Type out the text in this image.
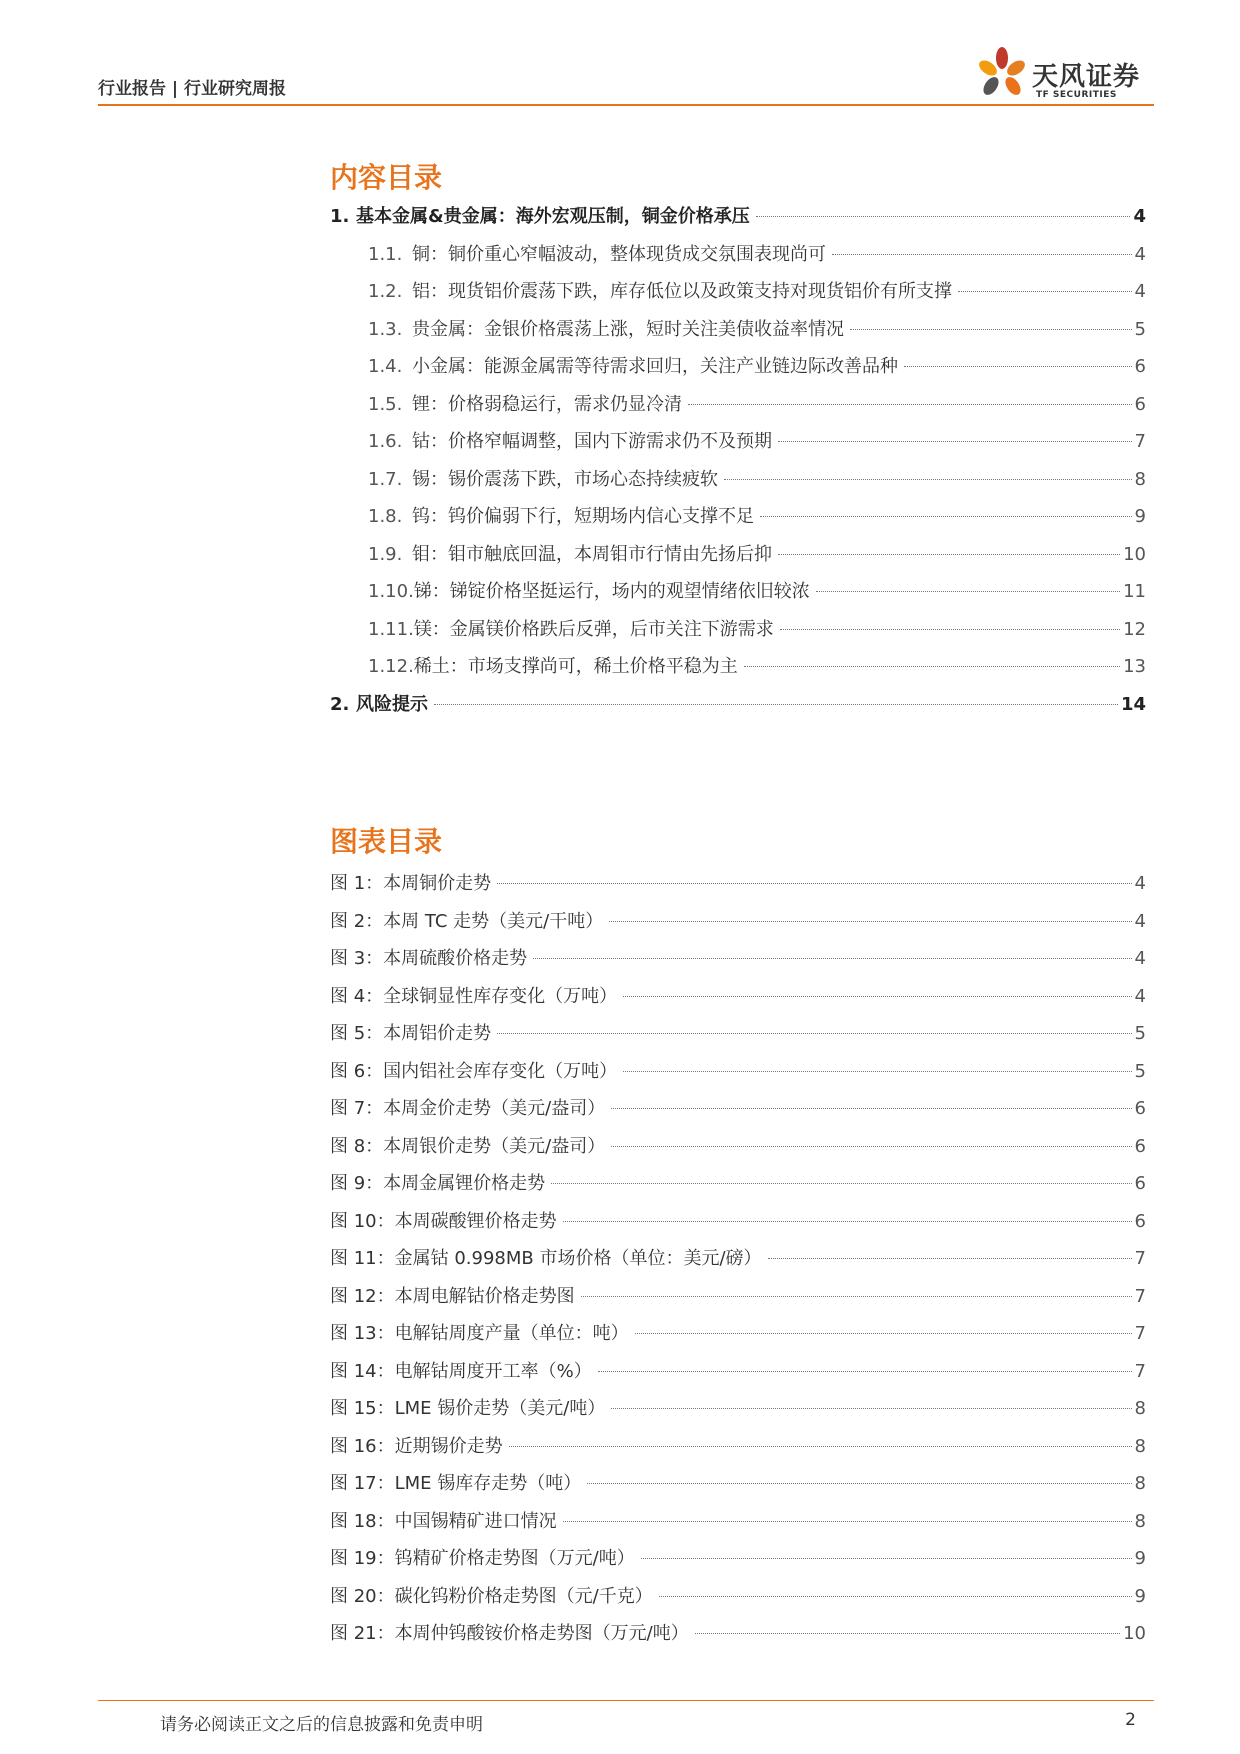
行业报告 | 行业研究周报	天风证券
TF SECURITIES
内容目录
1. 基本金属&贵金属：海外宏观压制，铜金价格承压	4
1.1. 铜：铜价重心窄幅波动，整体现货成交氛围表现尚可	4
1.2. 铝：现货铝价震荡下跌，库存低位以及政策支持对现货铝价有所支撑	4
1.3. 贵金属：金银价格震荡上涨，短时关注美债收益率情况	5
1.4. 小金属：能源金属需等待需求回归，关注产业链边际改善品种	6
1.5. 锂：价格弱稳运行，需求仍显冷清	6
1.6. 钴：价格窄幅调整，国内下游需求仍不及预期	7
1.7. 锡：锡价震荡下跌，市场心态持续疲软	8
1.8. 钨：钨价偏弱下行，短期场内信心支撑不足	9
1.9. 钼：钼市触底回温，本周钼市行情由先扬后抑	10
1.10. 锑：锑锭价格坚挺运行，场内的观望情绪依旧较浓	11
1.11. 镁：金属镁价格跌后反弹，后市关注下游需求	12
1.12. 稀土：市场支撑尚可，稀土价格平稳为主	13
2. 风险提示	14
图表目录
图 1：本周铜价走势	4
图 2：本周 TC 走势（美元/干吨）	4
图 3：本周硫酸价格走势	4
图 4：全球铜显性库存变化（万吨）	4
图 5：本周铝价走势	5
图 6：国内铝社会库存变化（万吨）	5
图 7：本周金价走势（美元/盎司）	6
图 8：本周银价走势（美元/盎司）	6
图 9：本周金属锂价格走势	6
图 10：本周碳酸锂价格走势	6
图 11：金属钴 0.998MB 市场价格（单位：美元/磅）	7
图 12：本周电解钴价格走势图	7
图 13：电解钴周度产量（单位：吨）	7
图 14：电解钴周度开工率（%）	7
图 15：LME 锡价走势（美元/吨）	8
图 16：近期锡价走势	8
图 17：LME 锡库存走势（吨）	8
图 18：中国锡精矿进口情况	8
图 19：钨精矿价格走势图（万元/吨）	9
图 20：碳化钨粉价格走势图（元/千克）	9
图 21：本周仲钨酸铵价格走势图（万元/吨）	10
请务必阅读正文之后的信息披露和免责申明	2
